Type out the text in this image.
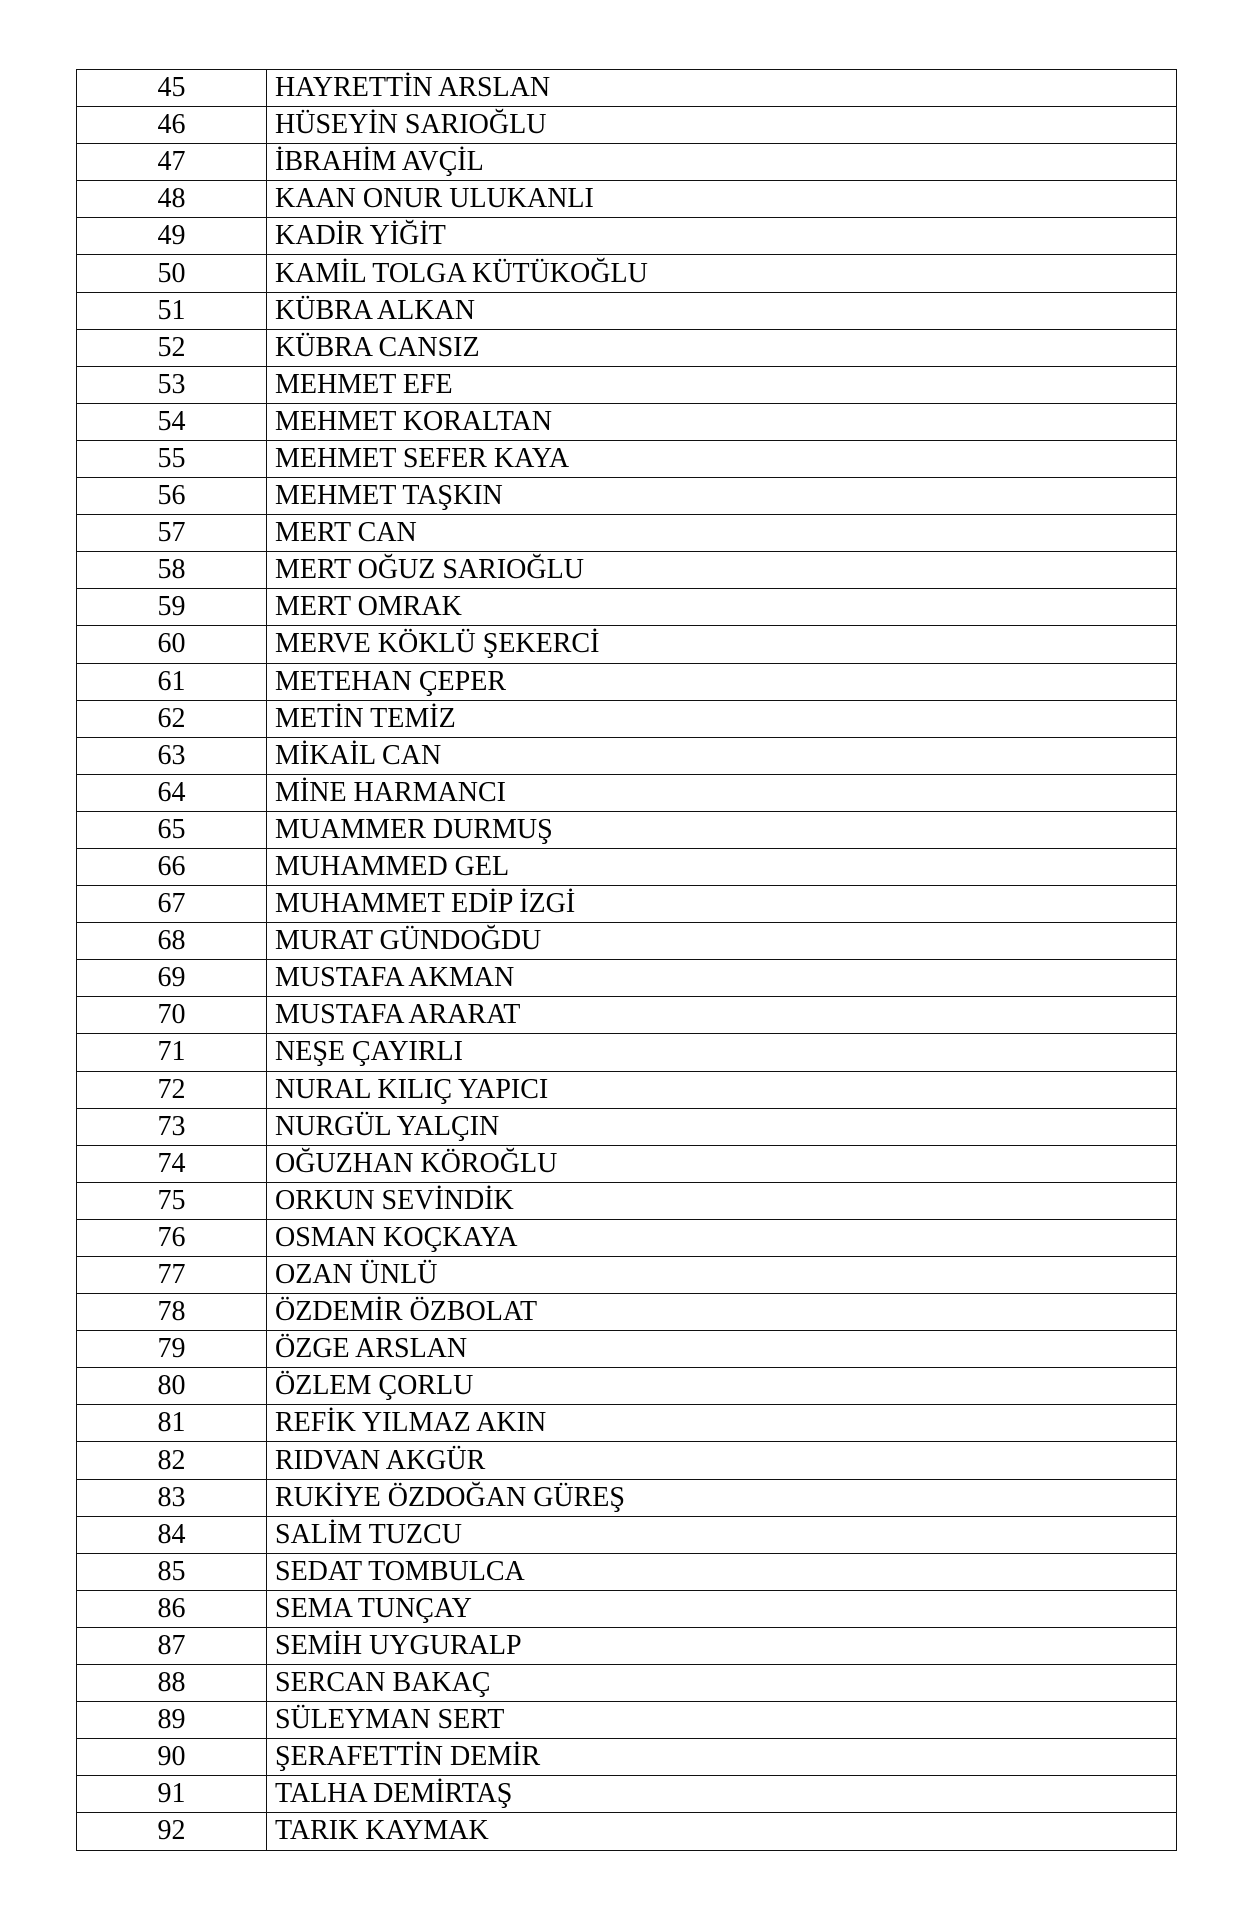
45	HAYRETTİN ARSLAN
46	HÜSEYİN SARIOĞLU
47	İBRAHİM AVÇİL
48	KAAN ONUR ULUKANLI
49	KADİR YİĞİT
50	KAMİL TOLGA KÜTÜKOĞLU
51	KÜBRA ALKAN
52	KÜBRA CANSIZ
53	MEHMET EFE
54	MEHMET KORALTAN
55	MEHMET SEFER KAYA
56	MEHMET TAŞKIN
57	MERT CAN
58	MERT OĞUZ SARIOĞLU
59	MERT OMRAK
60	MERVE KÖKLÜ ŞEKERCİ
61	METEHAN ÇEPER
62	METİN TEMİZ
63	MİKAİL CAN
64	MİNE HARMANCI
65	MUAMMER DURMUŞ
66	MUHAMMED GEL
67	MUHAMMET EDİP İZGİ
68	MURAT GÜNDOĞDU
69	MUSTAFA AKMAN
70	MUSTAFA ARARAT
71	NEŞE ÇAYIRLI
72	NURAL KILIÇ YAPICI
73	NURGÜL YALÇIN
74	OĞUZHAN KÖROĞLU
75	ORKUN SEVİNDİK
76	OSMAN KOÇKAYA
77	OZAN ÜNLÜ
78	ÖZDEMİR ÖZBOLAT
79	ÖZGE ARSLAN
80	ÖZLEM ÇORLU
81	REFİK YILMAZ AKIN
82	RIDVAN AKGÜR
83	RUKİYE ÖZDOĞAN GÜREŞ
84	SALİM TUZCU
85	SEDAT TOMBULCA
86	SEMA TUNÇAY
87	SEMİH UYGURALP
88	SERCAN BAKAÇ
89	SÜLEYMAN SERT
90	ŞERAFETTİN DEMİR
91	TALHA DEMİRTAŞ
92	TARIK KAYMAK
